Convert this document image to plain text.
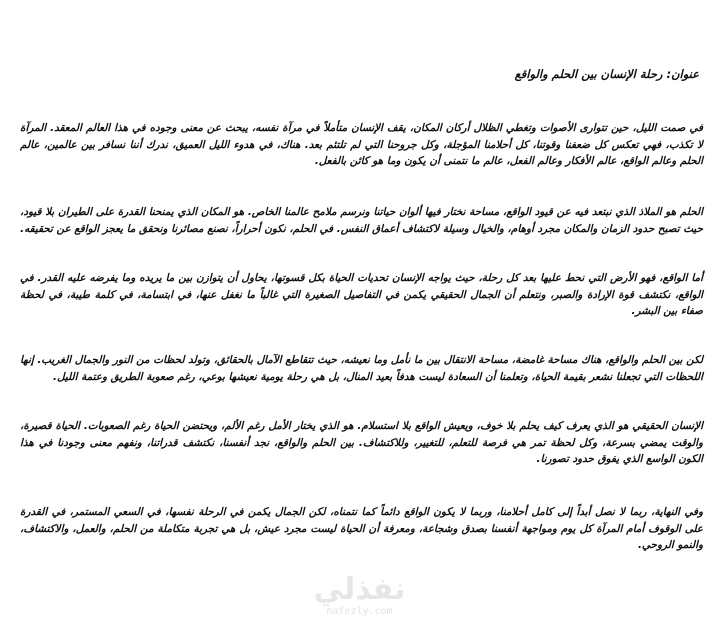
عنوان: رحلة الإنسان بين الحلم والواقع

في صمت الليل، حين تتوارى الأصوات وتغطي الظلال أركان المكان، يقف الإنسان متأملاً في مرآة نفسه، يبحث عن معنى وجوده في هذا العالم المعقد. المرآة لا تكذب، فهي تعكس كل ضعفنا وقوتنا، كل أحلامنا المؤجلة، وكل جروحنا التي لم تلتئم بعد. هناك، في هدوء الليل العميق، ندرك أننا نسافر بين عالمين، عالم الحلم وعالم الواقع، عالم الأفكار وعالم الفعل، عالم ما نتمنى أن يكون وما هو كائن بالفعل.

الحلم هو الملاذ الذي نبتعد فيه عن قيود الواقع، مساحة نختار فيها ألوان حياتنا ونرسم ملامح عالمنا الخاص. هو المكان الذي يمنحنا القدرة على الطيران بلا قيود، حيث تصبح حدود الزمان والمكان مجرد أوهام، والخيال وسيلة لاكتشاف أعماق النفس. في الحلم، نكون أحراراً، نصنع مصائرنا ونحقق ما يعجز الواقع عن تحقيقه.

أما الواقع، فهو الأرض التي نحط عليها بعد كل رحلة، حيث يواجه الإنسان تحديات الحياة بكل قسوتها، يحاول أن يتوازن بين ما يريده وما يفرضه عليه القدر. في الواقع، نكتشف قوة الإرادة والصبر، ونتعلم أن الجمال الحقيقي يكمن في التفاصيل الصغيرة التي غالباً ما نغفل عنها، في ابتسامة، في كلمة طيبة، في لحظة صفاء بين البشر.

لكن بين الحلم والواقع، هناك مساحة غامضة، مساحة الانتقال بين ما نأمل وما نعيشه، حيث تتقاطع الآمال بالحقائق، وتولد لحظات من النور والجمال الغريب. إنها اللحظات التي تجعلنا نشعر بقيمة الحياة، وتعلمنا أن السعادة ليست هدفاً بعيد المنال، بل هي رحلة يومية نعيشها بوعي، رغم صعوبة الطريق وعتمة الليل.

الإنسان الحقيقي هو الذي يعرف كيف يحلم بلا خوف، ويعيش الواقع بلا استسلام. هو الذي يختار الأمل رغم الألم، ويحتضن الحياة رغم الصعوبات. الحياة قصيرة، والوقت يمضي بسرعة، وكل لحظة تمر هي فرصة للتعلم، للتغيير، وللاكتشاف. بين الحلم والواقع، نجد أنفسنا، نكتشف قدراتنا، ونفهم معنى وجودنا في هذا الكون الواسع الذي يفوق حدود تصورنا.

وفي النهاية، ربما لا نصل أبداً إلى كامل أحلامنا، وربما لا يكون الواقع دائماً كما نتمناه، لكن الجمال يكمن في الرحلة نفسها، في السعي المستمر، في القدرة على الوقوف أمام المرآة كل يوم ومواجهة أنفسنا بصدق وشجاعة، ومعرفة أن الحياة ليست مجرد عيش، بل هي تجربة متكاملة من الحلم، والعمل، والاكتشاف، والنمو الروحي.

نفذلي
nafezly.com
